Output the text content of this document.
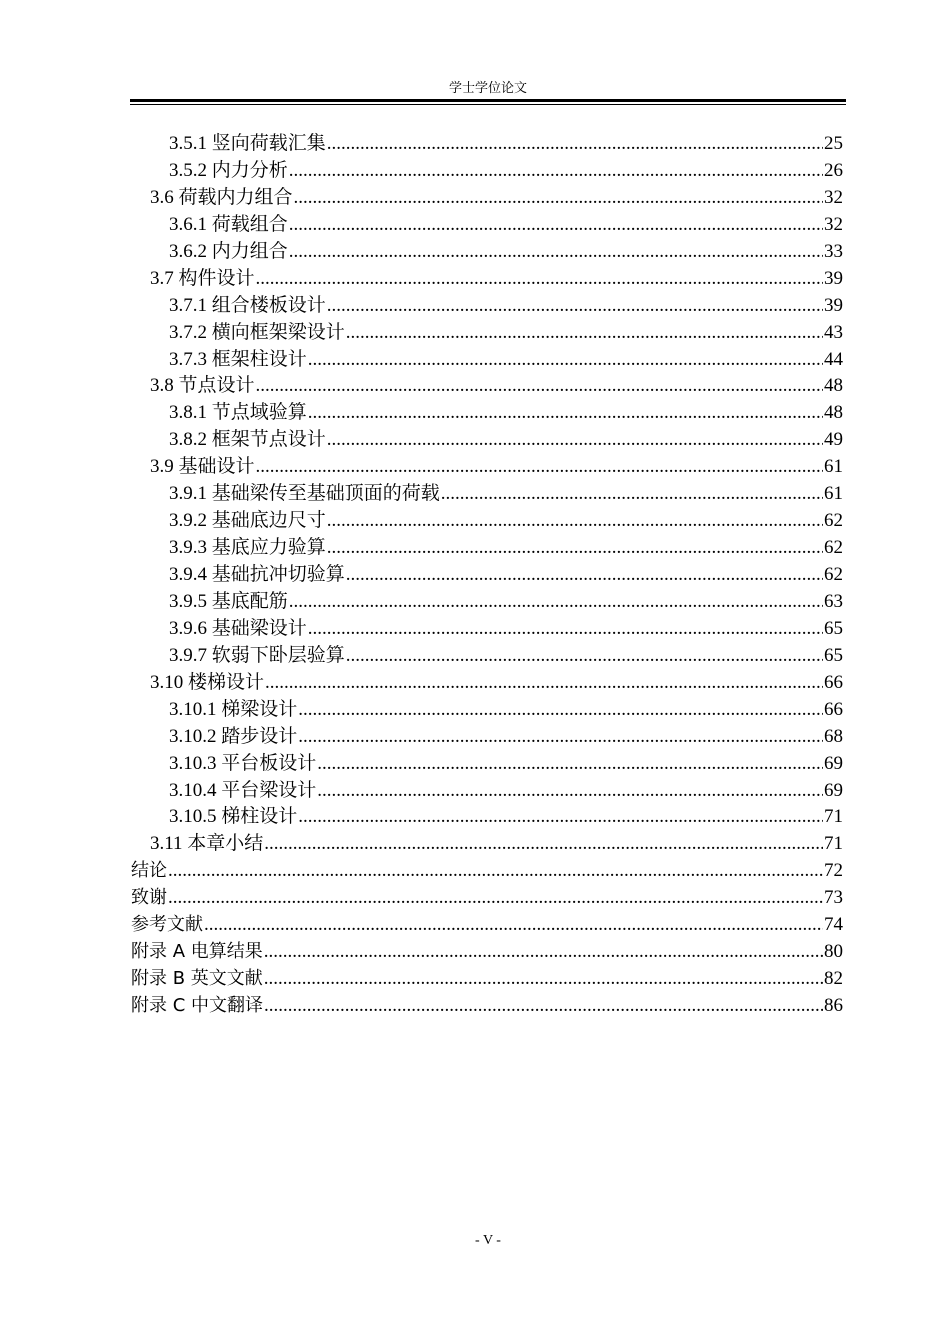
学士学位论文
3.5.1 竖向荷载汇集 .....	25
3.5.2 内力分析 .....	26
3.6 荷载内力组合 .....	32
3.6.1 荷载组合 .....	32
3.6.2 内力组合 .....	33
3.7 构件设计 .....	39
3.7.1 组合楼板设计 .....	39
3.7.2 横向框架梁设计 .....	43
3.7.3 框架柱设计 .....	44
3.8 节点设计 .....	48
3.8.1 节点域验算 .....	48
3.8.2 框架节点设计 .....	49
3.9 基础设计 .....	61
3.9.1 基础梁传至基础顶面的荷载 .....	61
3.9.2 基础底边尺寸 .....	62
3.9.3 基底应力验算 .....	62
3.9.4 基础抗冲切验算 .....	62
3.9.5 基底配筋 .....	63
3.9.6 基础梁设计 .....	65
3.9.7 软弱下卧层验算 .....	65
3.10 楼梯设计 .....	66
3.10.1 梯梁设计 .....	66
3.10.2 踏步设计 .....	68
3.10.3 平台板设计 .....	69
3.10.4 平台梁设计 .....	69
3.10.5 梯柱设计 .....	71
3.11 本章小结 .....	71
结论 .....	72
致谢 .....	73
参考文献 .....	74
附录 A 电算结果 .....	80
附录 B 英文文献 .....	82
附录 C 中文翻译 .....	86
- V -
